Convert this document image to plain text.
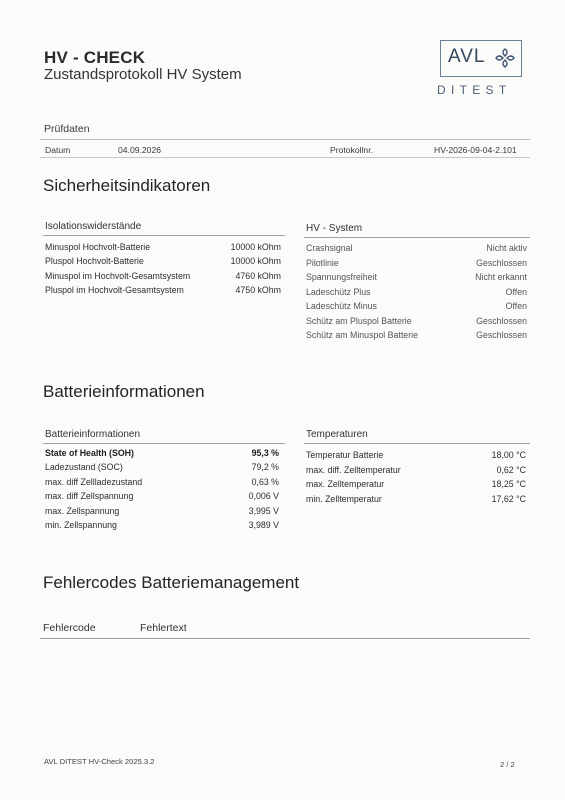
HV - CHECK
Zustandsprotokoll HV System
AVL
DITEST
Prüfdaten
Datum	04.09.2026	Protokollnr.	HV-2026-09-04-2.101
Sicherheitsindikatoren
Isolationswiderstände
Minuspol Hochvolt-Batterie	10000 kOhm
Pluspol Hochvolt-Batterie	10000 kOhm
Minuspol im Hochvolt-Gesamtsystem	4760 kOhm
Pluspol im Hochvolt-Gesamtsystem	4750 kOhm
HV - System
Crashsignal	Nicht aktiv
Pilotlinie	Geschlossen
Spannungsfreiheit	Nicht erkannt
Ladeschütz Plus	Offen
Ladeschütz Minus	Offen
Schütz am Pluspol Batterie	Geschlossen
Schütz am Minuspol Batterie	Geschlossen
Batterieinformationen
Batterieinformationen
State of Health (SOH)	95,3 %
Ladezustand (SOC)	79,2 %
max. diff Zellladezustand	0,63 %
max. diff Zellspannung	0,006 V
max. Zellspannung	3,995 V
min. Zellspannung	3,989 V
Temperaturen
Temperatur Batterie	18,00 °C
max. diff. Zelltemperatur	0,62 °C
max. Zelltemperatur	18,25 °C
min. Zelltemperatur	17,62 °C
Fehlercodes Batteriemanagement
Fehlercode	Fehlertext
AVL DITEST HV-Check 2025.3.2	2 / 2
